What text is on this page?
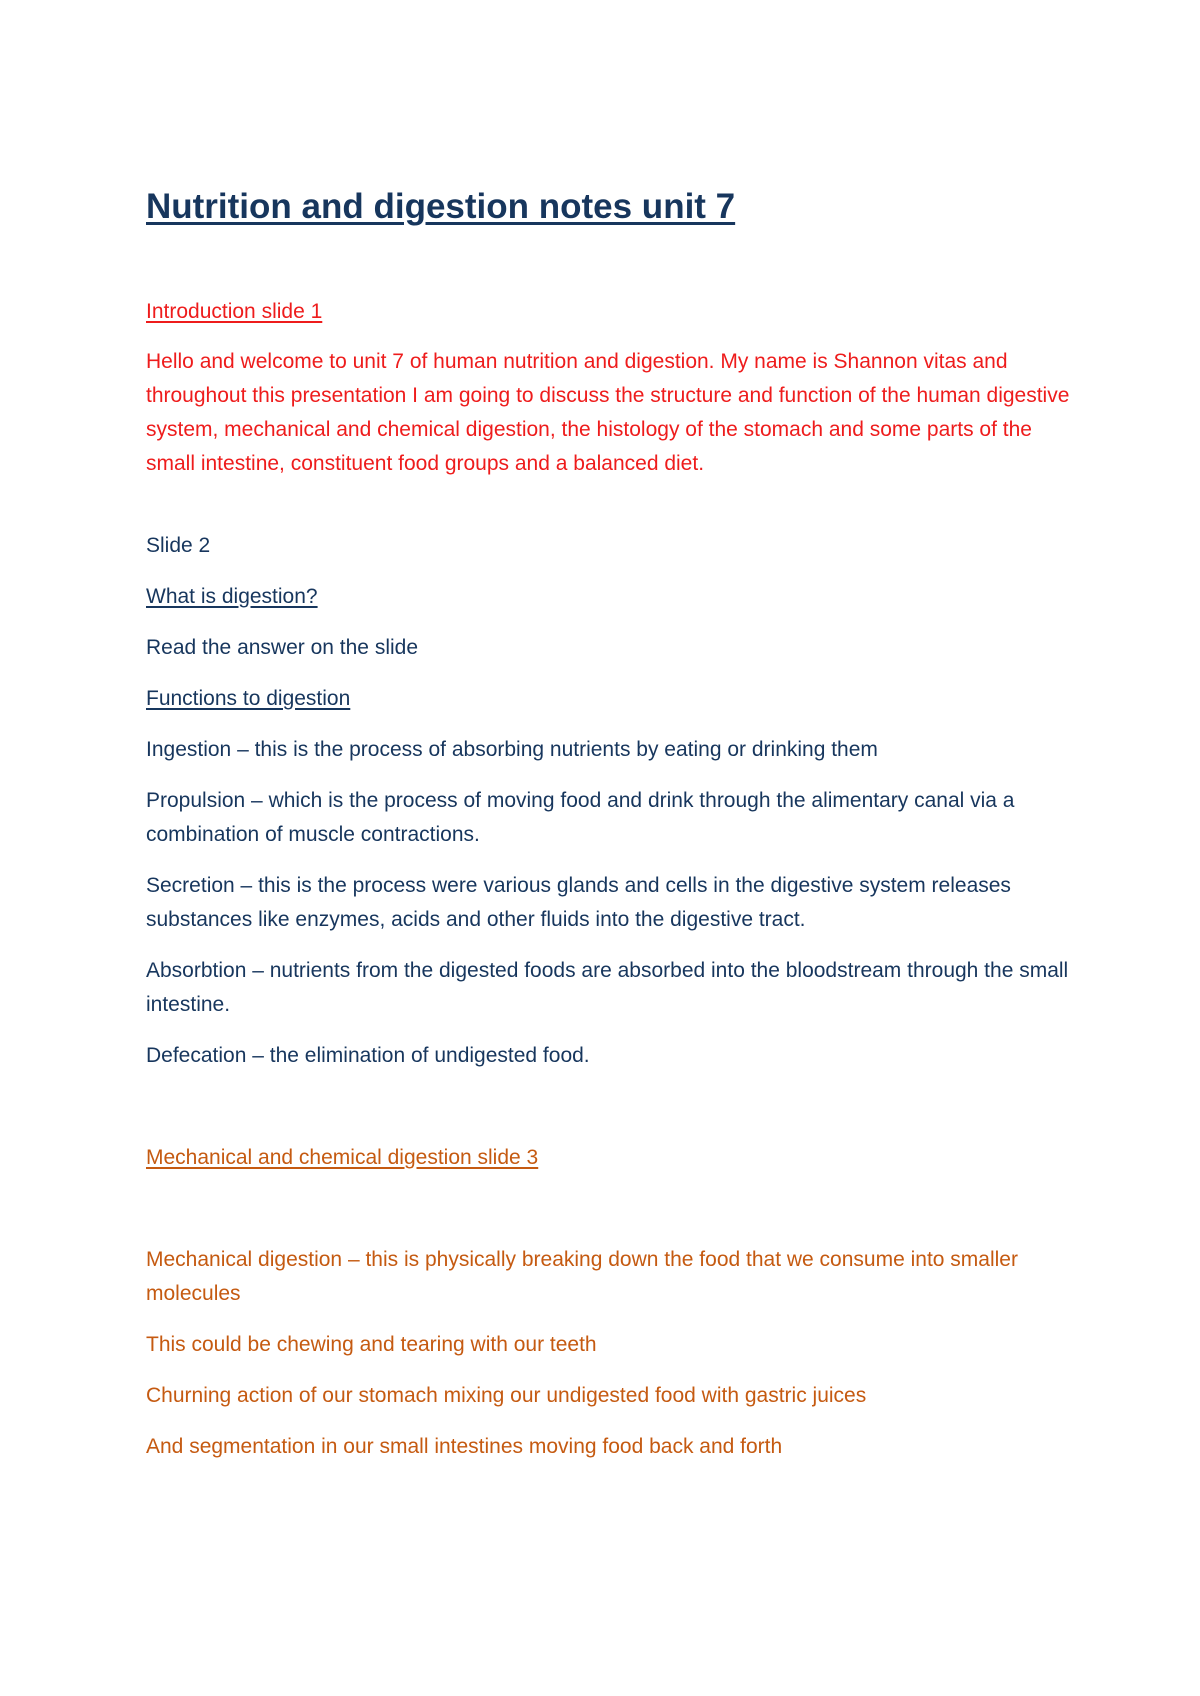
Nutrition and digestion notes unit 7

Introduction slide 1

Hello and welcome to unit 7 of human nutrition and digestion. My name is Shannon vitas and throughout this presentation I am going to discuss the structure and function of the human digestive system, mechanical and chemical digestion, the histology of the stomach and some parts of the small intestine, constituent food groups and a balanced diet.

Slide 2

What is digestion?

Read the answer on the slide

Functions to digestion

Ingestion – this is the process of absorbing nutrients by eating or drinking them

Propulsion – which is the process of moving food and drink through the alimentary canal via a combination of muscle contractions.

Secretion – this is the process were various glands and cells in the digestive system releases substances like enzymes, acids and other fluids into the digestive tract.

Absorbtion – nutrients from the digested foods are absorbed into the bloodstream through the small intestine.

Defecation – the elimination of undigested food.

Mechanical and chemical digestion slide 3

Mechanical digestion – this is physically breaking down the food that we consume into smaller molecules

This could be chewing and tearing with our teeth

Churning action of our stomach mixing our undigested food with gastric juices

And segmentation in our small intestines moving food back and forth
